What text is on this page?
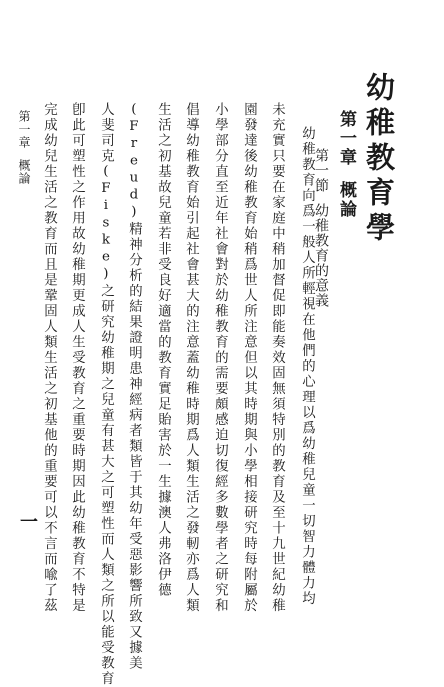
幼稚教育學
第一章概論
第一節幼稚教育的意義
幼稚教育向爲一般人所輕視在他們的心理以爲幼稚兒童一切智力體力均
未充實只要在家庭中稍加督促即能奏效固無須特別的教育及至十九世紀幼稚
園發達後幼稚教育始稍爲世人所注意但以其時期與小學相接研究時每附屬於
小學部分直至近年社會對於幼稚教育的需要頗感迫切復經多數學者之研究和
倡導幼稚教育始引起社會甚大的注意蓋幼稚時期爲人類生活之發軔亦爲人類
生活之初基故兒童若非受良好適當的教育實足貽害於一生據澳人弗洛伊德
(Freud)精神分析的結果證明患神經病者類皆于其幼年受惡影響所致又據美
人斐司克(Fiske)之研究幼稚期之兒童有甚大之可塑性而人類之所以能受教育
卽此可塑性之作用故幼稚期更成人生受教育之重要時期因此幼稚教育不特是
完成幼兒生活之教育而且是鞏固人類生活之初基他的重要可以不言而喩了茲
第一章概論
一
